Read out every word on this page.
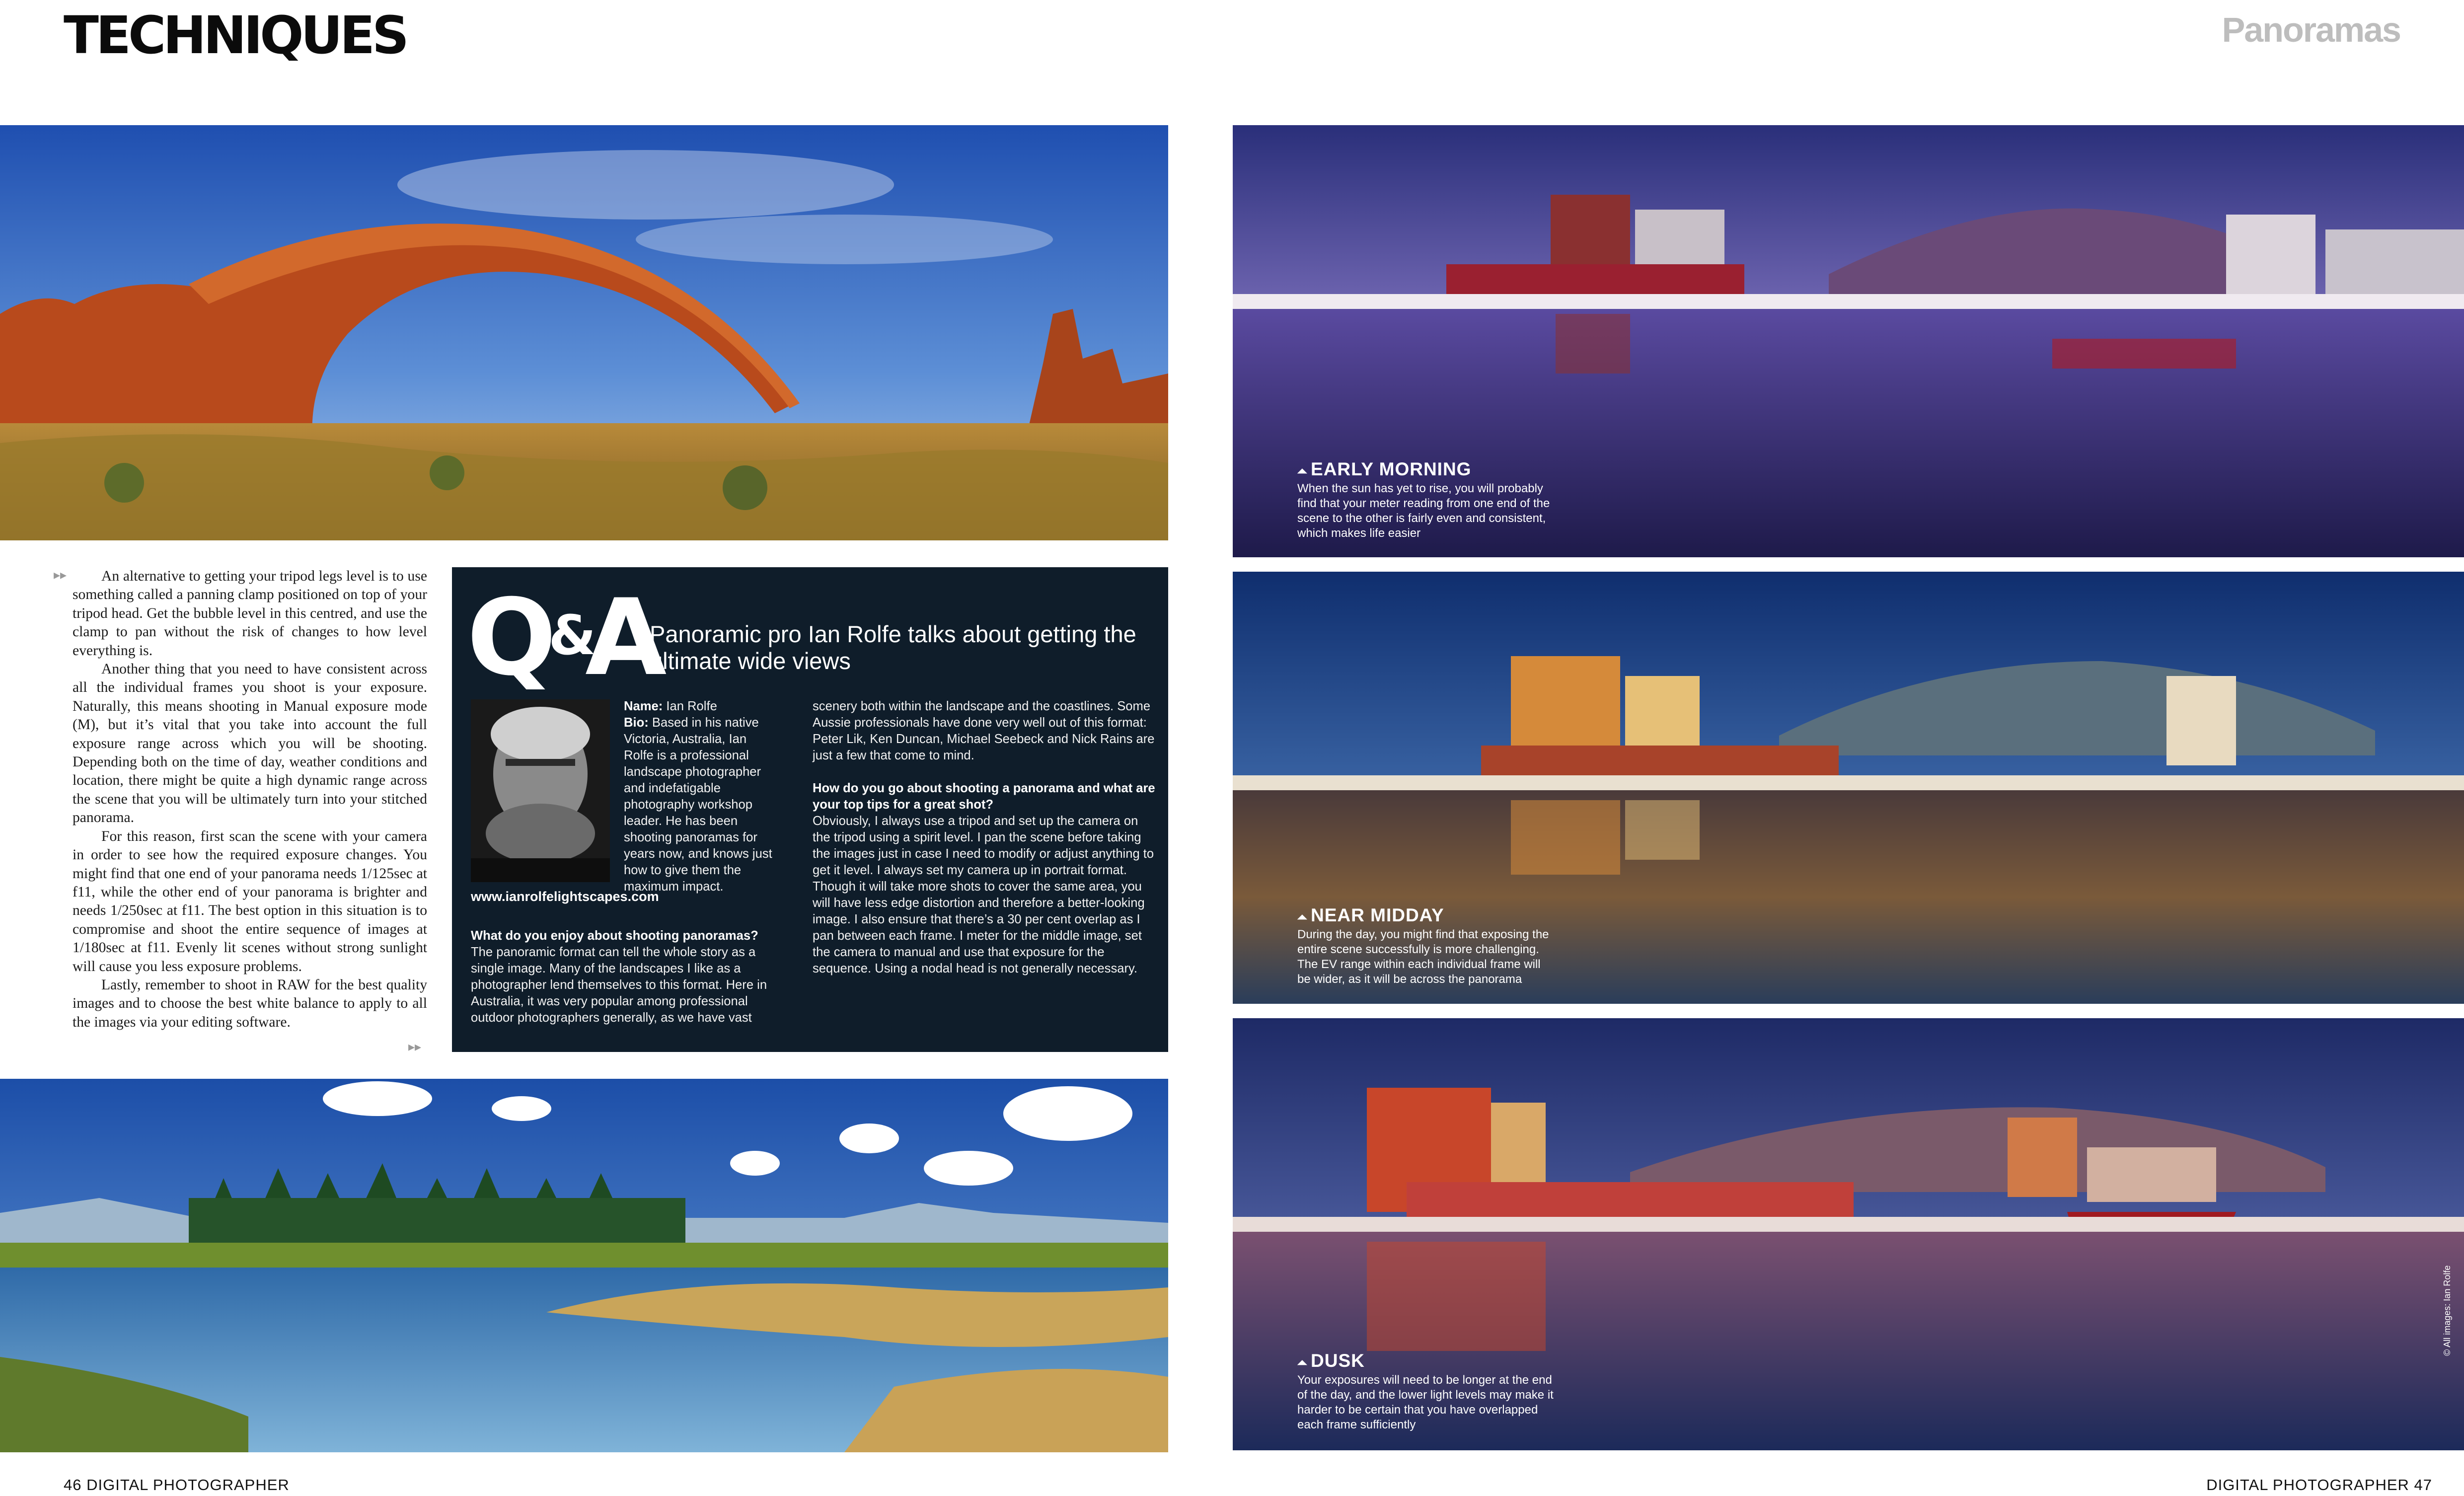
TECHNIQUES	Panoramas
▸▸	An alternative to getting your tripod legs level is to use something called a panning clamp positioned on top of your tripod head. Get the bubble level in this centred, and use the clamp to pan without the risk of changes to how level everything is.

Another thing that you need to have consistent across all the individual frames you shoot is your exposure. Naturally, this means shooting in Manual exposure mode (M), but it’s vital that you take into account the full exposure range across which you will be shooting. Depending both on the time of day, weather conditions and location, there might be quite a high dynamic range across the scene that you will be ultimately turn into your stitched panorama.

For this reason, first scan the scene with your camera in order to see how the required exposure changes. You might find that one end of your panorama needs 1/125sec at f11, while the other end of your panorama is brighter and needs 1/250sec at f11. The best option in this situation is to compromise and shoot the entire sequence of images at 1/180sec at f11. Evenly lit scenes without strong sunlight will cause you less exposure problems.

Lastly, remember to shoot in RAW for the best quality images and to choose the best white balance to apply to all the images via your editing software.

▸▸
Q&A
Panoramic pro Ian Rolfe talks about getting the ultimate wide views
www.ianrolfelightscapes.com
Name: Ian Rolfe
Bio: Based in his native Victoria, Australia, Ian Rolfe is a professional landscape photographer and indefatigable photography workshop leader. He has been shooting panoramas for years now, and knows just how to give them the maximum impact.
What do you enjoy about shooting panoramas?
The panoramic format can tell the whole story as a single image. Many of the landscapes I like as a photographer lend themselves to this format. Here in Australia, it was very popular among professional outdoor photographers generally, as we have vast

scenery both within the landscape and the coastlines. Some Aussie professionals have done very well out of this format: Peter Lik, Ken Duncan, Michael Seebeck and Nick Rains are just a few that come to mind.

How do you go about shooting a panorama and what are your top tips for a great shot?
Obviously, I always use a tripod and set up the camera on the tripod using a spirit level. I pan the scene before taking the images just in case I need to modify or adjust anything to get it level. I always set my camera up in portrait format. Though it will take more shots to cover the same area, you will have less edge distortion and therefore a better-looking image. I also ensure that there’s a 30 per cent overlap as I pan between each frame. I meter for the middle image, set the camera to manual and use that exposure for the sequence. Using a nodal head is not generally necessary.
⏶ EARLY MORNING
When the sun has yet to rise, you will probably find that your meter reading from one end of the scene to the other is fairly even and consistent, which makes life easier
⏶ NEAR MIDDAY
During the day, you might find that exposing the entire scene successfully is more challenging. The EV range within each individual frame will be wider, as it will be across the panorama
⏶ DUSK
Your exposures will need to be longer at the end of the day, and the lower light levels may make it harder to be certain that you have overlapped each frame sufficiently
© All images: Ian Rolfe
46 DIGITAL PHOTOGRAPHER	DIGITAL PHOTOGRAPHER 47
